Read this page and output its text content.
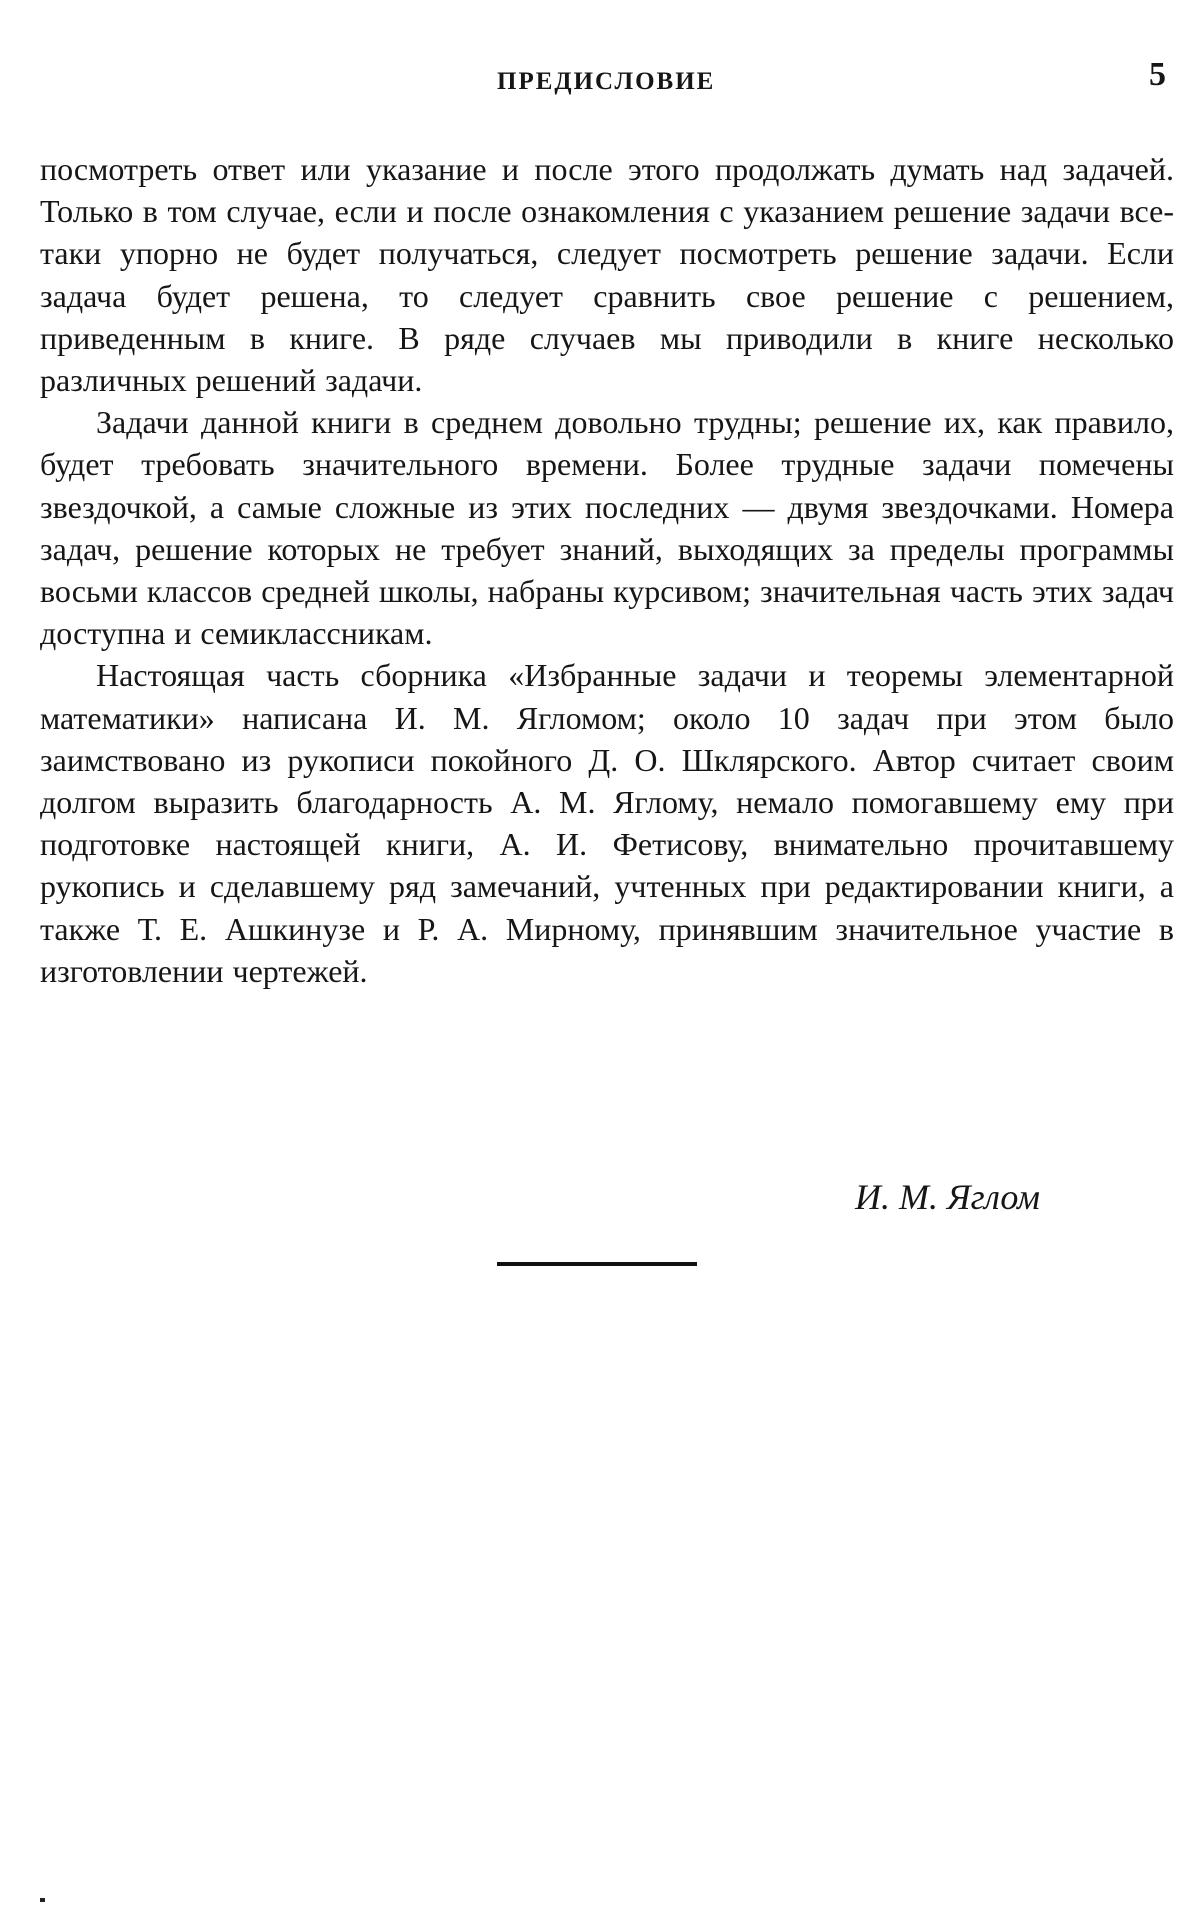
ПРЕДИСЛОВИЕ	5

посмотреть ответ или указание и после этого продолжать думать над задачей. Только в том случае, если и после ознакомления с указанием решение задачи все-таки упорно не будет получаться, следует посмотреть решение задачи. Если задача будет решена, то следует сравнить свое решение с решением, приведенным в книге. В ряде случаев мы приводили в книге несколько различных решений задачи.

Задачи данной книги в среднем довольно трудны; решение их, как правило, будет требовать значительного времени. Более трудные задачи помечены звездочкой, а самые сложные из этих последних — двумя звездочками. Номера задач, решение которых не требует знаний, выходящих за пределы программы восьми классов средней школы, набраны курсивом; значительная часть этих задач доступна и семиклассникам.

Настоящая часть сборника «Избранные задачи и теоремы элементарной математики» написана И. М. Ягломом; около 10 задач при этом было заимствовано из рукописи покойного Д. О. Шклярского. Автор считает своим долгом выразить благодарность А. М. Яглому, немало помогавшему ему при подготовке настоящей книги, А. И. Фетисову, внимательно прочитавшему рукопись и сделавшему ряд замечаний, учтенных при редактировании книги, а также Т. Е. Ашкинузе и Р. А. Мирному, принявшим значительное участие в изготовлении чертежей.

И. М. Яглом
